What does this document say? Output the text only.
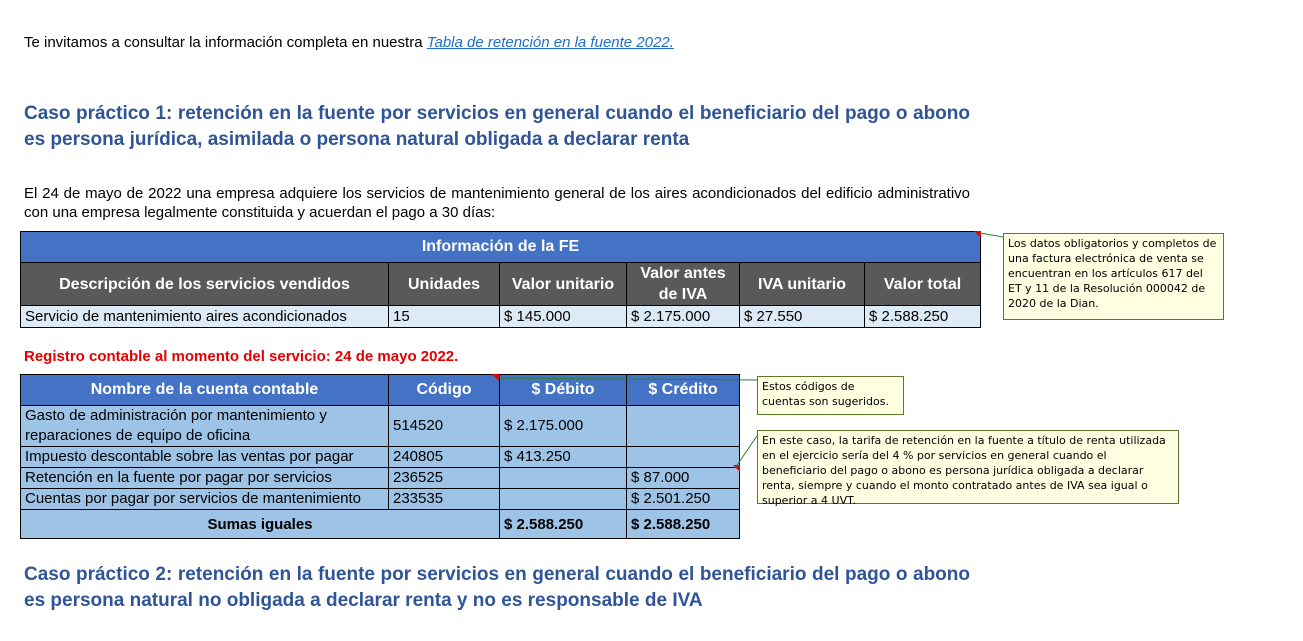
Te invitamos a consultar la información completa en nuestra Tabla de retención en la fuente 2022.
Caso práctico 1: retención en la fuente por servicios en general cuando el beneficiario del pago o abono es persona jurídica, asimilada o persona natural obligada a declarar renta
El 24 de mayo de 2022 una empresa adquiere los servicios de mantenimiento general de los aires acondicionados del edificio administrativo con una empresa legalmente constituida y acuerdan el pago a 30 días:
Información de la FE					
Descripción de los servicios vendidos	Unidades	Valor unitario	Valor antes de IVA	IVA unitario	Valor total
Servicio de mantenimiento aires acondicionados	15	$ 145.000	$ 2.175.000	$ 27.550	$ 2.588.250
Los datos obligatorios y completos de una factura electrónica de venta se encuentran en los artículos 617 del ET y 11 de la Resolución 000042 de 2020 de la Dian.
Registro contable al momento del servicio: 24 de mayo 2022.
Nombre de la cuenta contable	Código	$ Débito	$ Crédito
Gasto de administración por mantenimiento y reparaciones de equipo de oficina	514520	$ 2.175.000	
Impuesto descontable sobre las ventas por pagar	240805	$ 413.250	
Retención en la fuente por pagar por servicios	236525		$ 87.000
Cuentas por pagar por servicios de mantenimiento	233535		$ 2.501.250
Sumas iguales		$ 2.588.250	$ 2.588.250
Estos códigos de cuentas son sugeridos.
En este caso, la tarifa de retención en la fuente a título de renta utilizada en el ejercicio sería del 4 % por servicios en general cuando el beneficiario del pago o abono es persona jurídica obligada a declarar renta, siempre y cuando el monto contratado antes de IVA sea igual o superior a 4 UVT.
Caso práctico 2: retención en la fuente por servicios en general cuando el beneficiario del pago o abono es persona natural no obligada a declarar renta y no es responsable de IVA
